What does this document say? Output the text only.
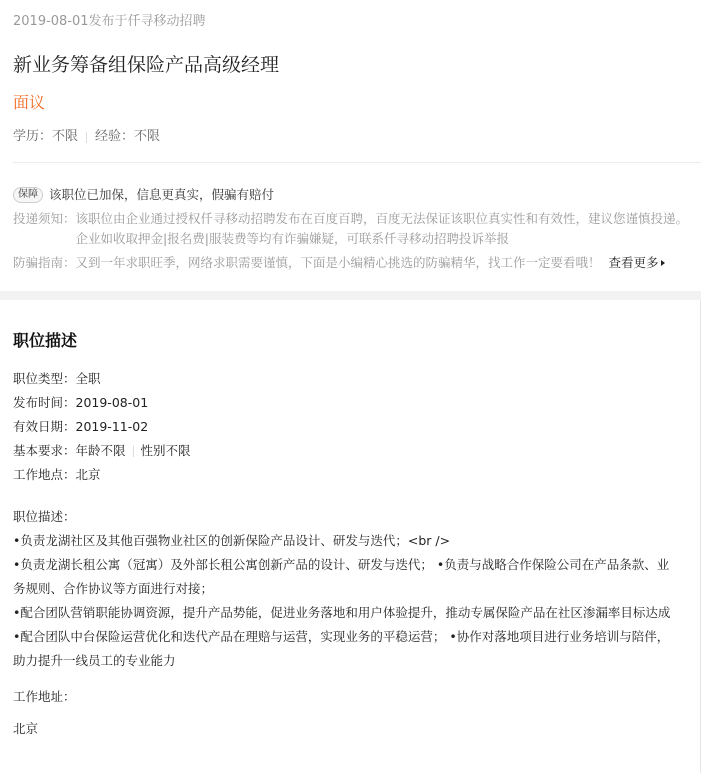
2019-08-01发布于仟寻移动招聘
新业务筹备组保险产品高级经理
面议
学历：不限 经验：不限
保障 该职位已加保，信息更真实，假骗有赔付
投递须知： 该职位由企业通过授权仟寻移动招聘发布在百度百聘，百度无法保证该职位真实性和有效性，建议您谨慎投递。
企业如收取押金|报名费|服装费等均有诈骗嫌疑，可联系仟寻移动招聘投诉举报
防骗指南： 又到一年求职旺季，网络求职需要谨慎，下面是小编精心挑选的防骗精华，找工作一定要看哦！ 查看更多
职位描述
职位类型：全职
发布时间：2019-08-01
有效日期：2019-11-02
基本要求：年龄不限 性别不限
工作地点：北京
职位描述：

•负责龙湖社区及其他百强物业社区的创新保险产品设计、研发与迭代；<br />

•负责龙湖长租公寓（冠寓）及外部长租公寓创新产品的设计、研发与迭代； •负责与战略合作保险公司在产品条款、业务规则、合作协议等方面进行对接；

•配合团队营销职能协调资源，提升产品势能，促进业务落地和用户体验提升，推动专属保险产品在社区渗漏率目标达成

•配合团队中台保险运营优化和迭代产品在理赔与运营，实现业务的平稳运营； •协作对落地项目进行业务培训与陪伴，助力提升一线员工的专业能力

工作地址：
北京
